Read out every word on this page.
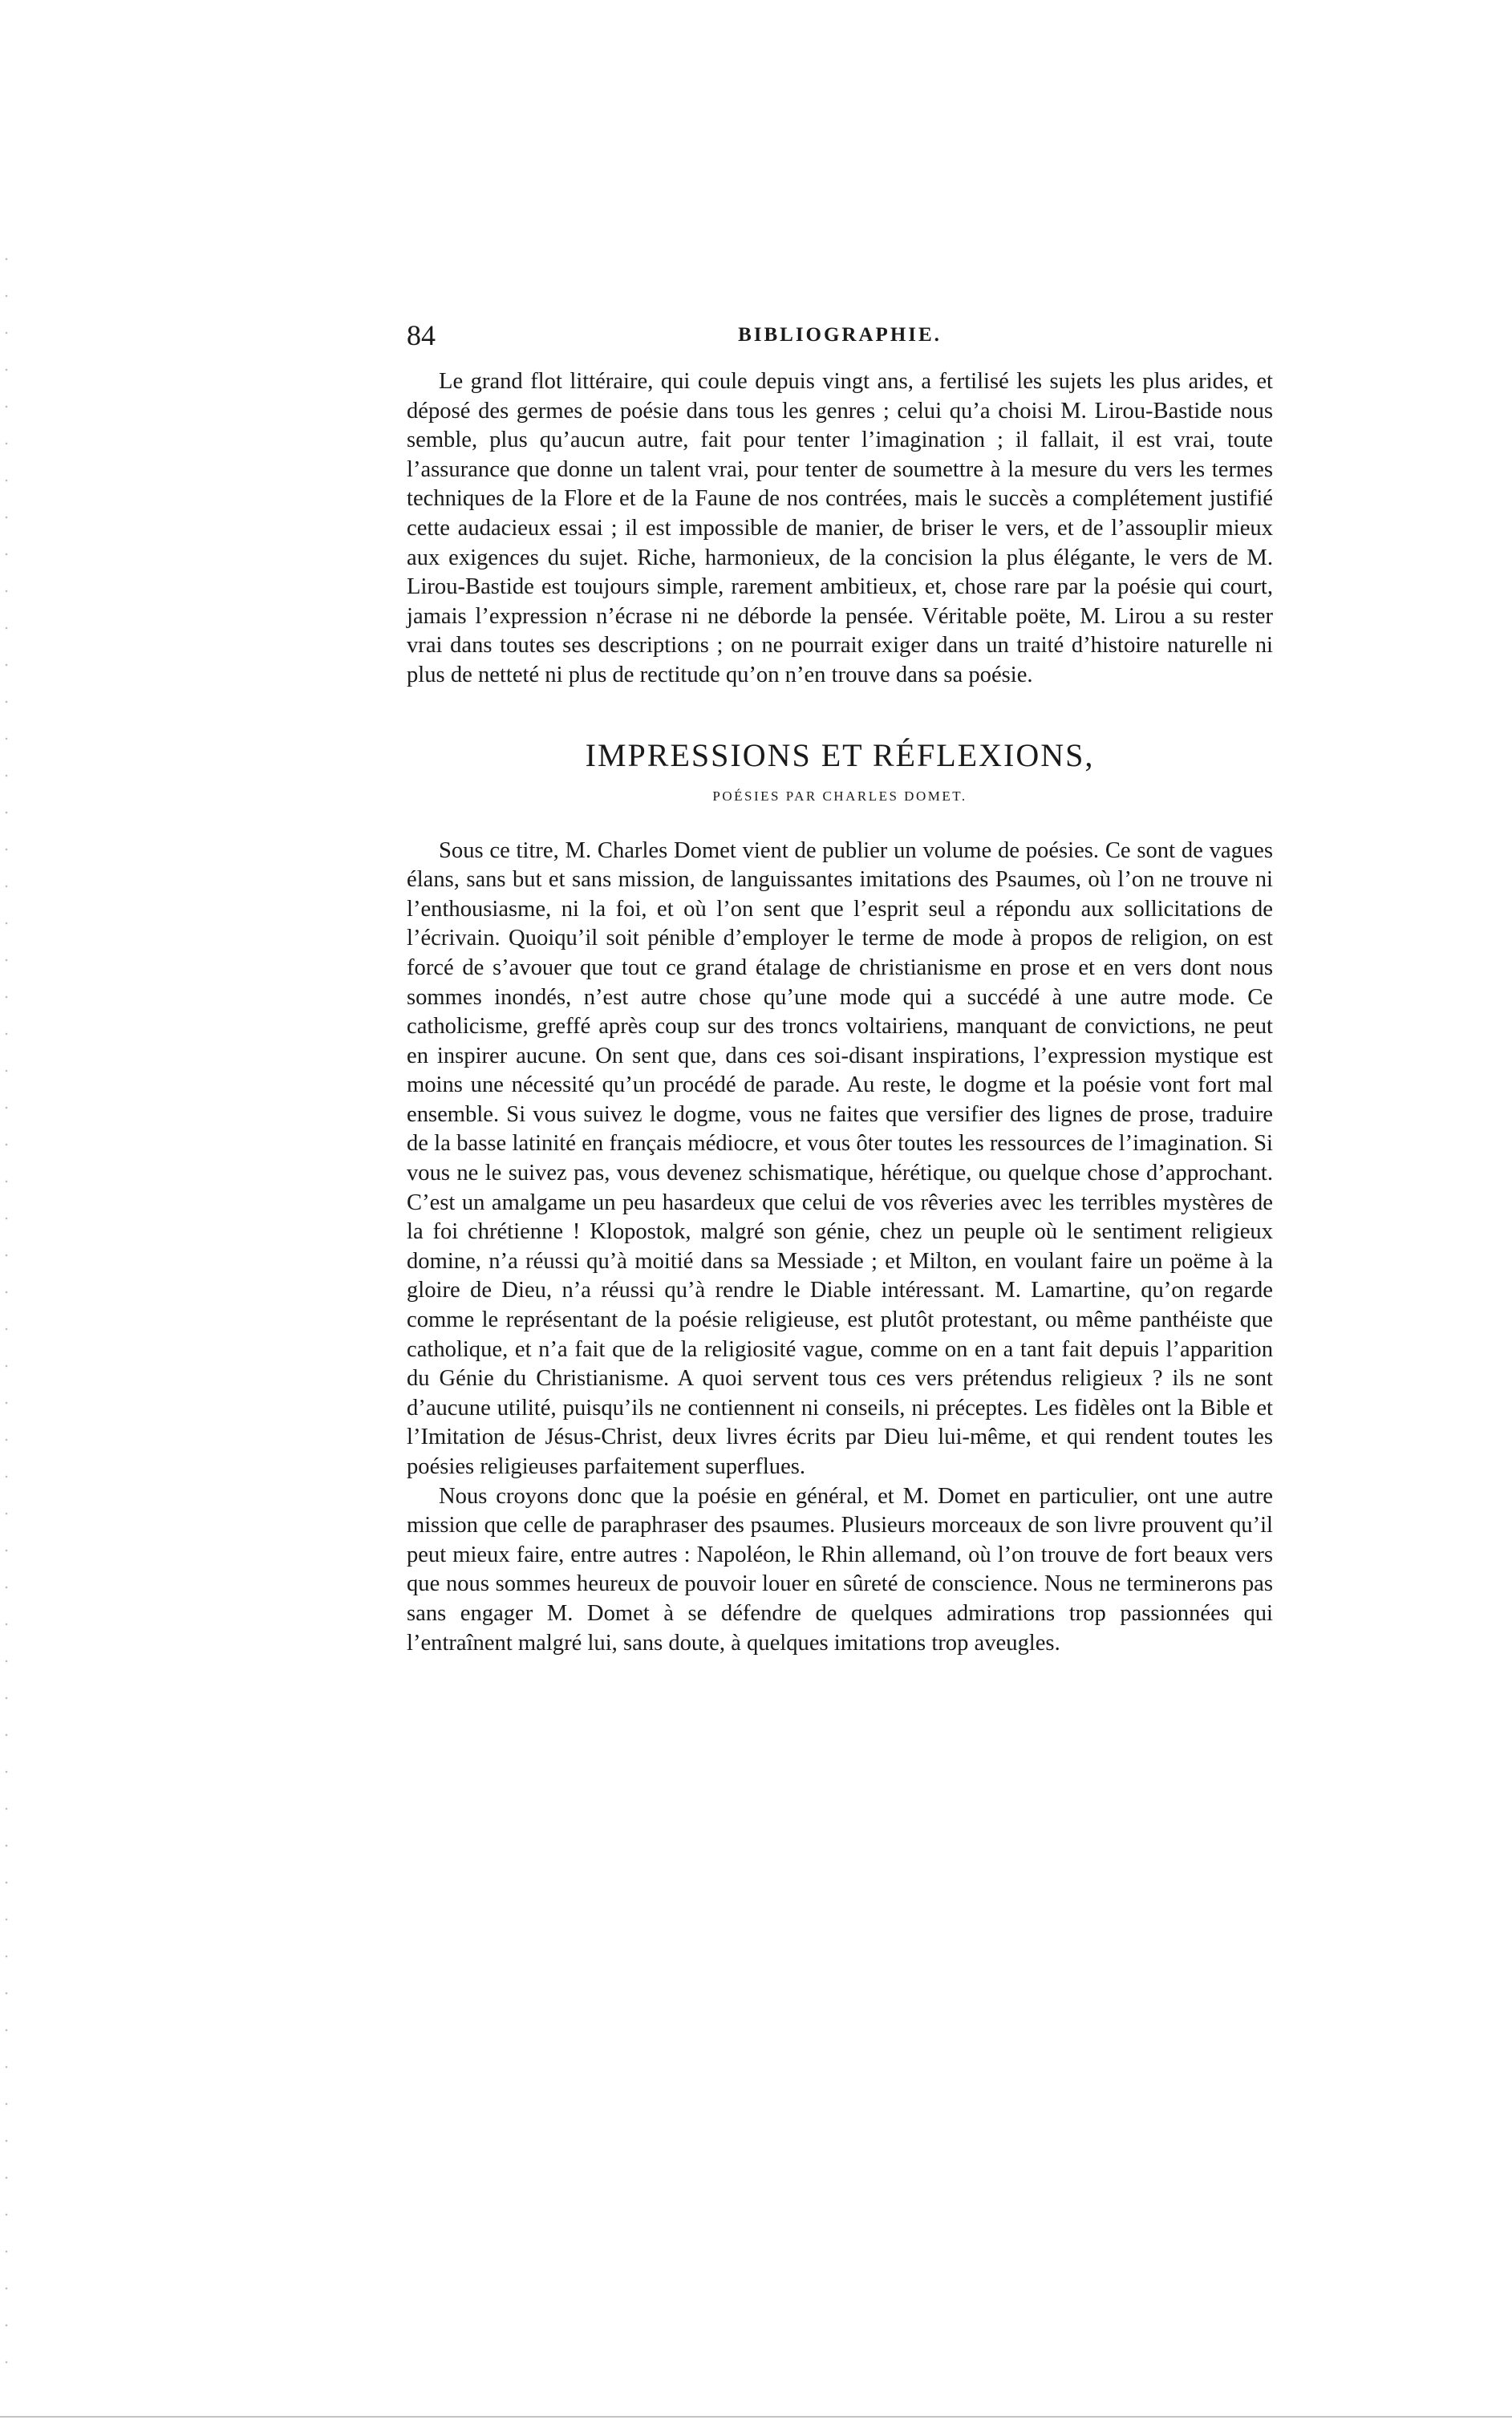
84	BIBLIOGRAPHIE.

Le grand flot littéraire, qui coule depuis vingt ans, a fertilisé les sujets les plus arides, et déposé des germes de poésie dans tous les genres ; celui qu’a choisi M. Lirou-Bastide nous semble, plus qu’aucun autre, fait pour tenter l’imagination ; il fallait, il est vrai, toute l’assurance que donne un talent vrai, pour tenter de soumettre à la mesure du vers les termes techniques de la Flore et de la Faune de nos contrées, mais le succès a complétement justifié cette audacieux essai ; il est impossible de manier, de briser le vers, et de l’assouplir mieux aux exigences du sujet. Riche, harmonieux, de la concision la plus élégante, le vers de M. Lirou-Bastide est toujours simple, rarement ambitieux, et, chose rare par la poésie qui court, jamais l’expression n’écrase ni ne déborde la pensée. Véritable poëte, M. Lirou a su rester vrai dans toutes ses descriptions ; on ne pourrait exiger dans un traité d’histoire naturelle ni plus de netteté ni plus de rectitude qu’on n’en trouve dans sa poésie.

IMPRESSIONS ET RÉFLEXIONS,
POÉSIES PAR CHARLES DOMET.

Sous ce titre, M. Charles Domet vient de publier un volume de poésies. Ce sont de vagues élans, sans but et sans mission, de languissantes imitations des Psaumes, où l’on ne trouve ni l’enthousiasme, ni la foi, et où l’on sent que l’esprit seul a répondu aux sollicitations de l’écrivain. Quoiqu’il soit pénible d’employer le terme de mode à propos de religion, on est forcé de s’avouer que tout ce grand étalage de christianisme en prose et en vers dont nous sommes inondés, n’est autre chose qu’une mode qui a succédé à une autre mode. Ce catholicisme, greffé après coup sur des troncs voltairiens, manquant de convictions, ne peut en inspirer aucune. On sent que, dans ces soi-disant inspirations, l’expression mystique est moins une nécessité qu’un procédé de parade. Au reste, le dogme et la poésie vont fort mal ensemble. Si vous suivez le dogme, vous ne faites que versifier des lignes de prose, traduire de la basse latinité en français médiocre, et vous ôter toutes les ressources de l’imagination. Si vous ne le suivez pas, vous devenez schismatique, hérétique, ou quelque chose d’approchant. C’est un amalgame un peu hasardeux que celui de vos rêveries avec les terribles mystères de la foi chrétienne ! Klopostok, malgré son génie, chez un peuple où le sentiment religieux domine, n’a réussi qu’à moitié dans sa Messiade ; et Milton, en voulant faire un poëme à la gloire de Dieu, n’a réussi qu’à rendre le Diable intéressant. M. Lamartine, qu’on regarde comme le représentant de la poésie religieuse, est plutôt protestant, ou même panthéiste que catholique, et n’a fait que de la religiosité vague, comme on en a tant fait depuis l’apparition du Génie du Christianisme. A quoi servent tous ces vers prétendus religieux ? ils ne sont d’aucune utilité, puisqu’ils ne contiennent ni conseils, ni préceptes. Les fidèles ont la Bible et l’Imitation de Jésus-Christ, deux livres écrits par Dieu lui-même, et qui rendent toutes les poésies religieuses parfaitement superflues.

Nous croyons donc que la poésie en général, et M. Domet en particulier, ont une autre mission que celle de paraphraser des psaumes. Plusieurs morceaux de son livre prouvent qu’il peut mieux faire, entre autres : Napoléon, le Rhin allemand, où l’on trouve de fort beaux vers que nous sommes heureux de pouvoir louer en sûreté de conscience. Nous ne terminerons pas sans engager M. Domet à se défendre de quelques admirations trop passionnées qui l’entraînent malgré lui, sans doute, à quelques imitations trop aveugles.
